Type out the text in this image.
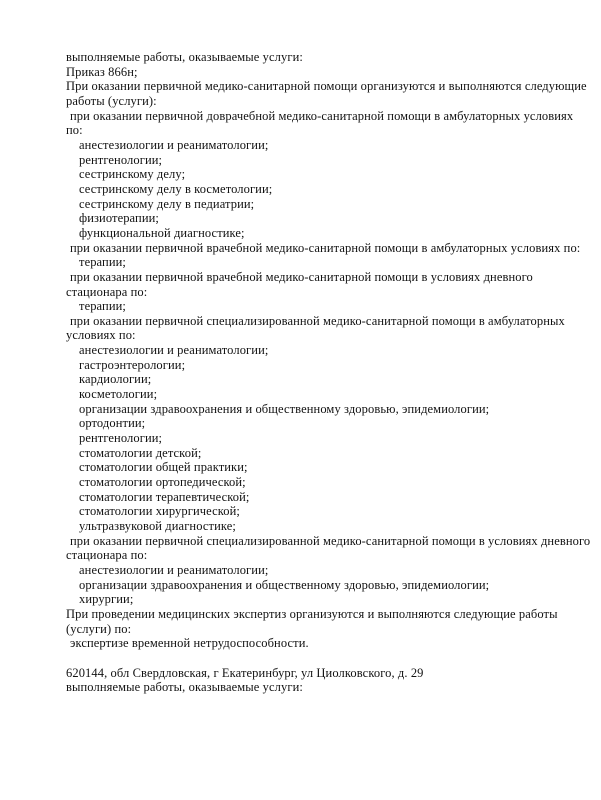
выполняемые работы, оказываемые услуги:
Приказ 866н;
При оказании первичной медико-санитарной помощи организуются и выполняются следующие
работы (услуги):
при оказании первичной доврачебной медико-санитарной помощи в амбулаторных условиях
по:
анестезиологии и реаниматологии;
рентгенологии;
сестринскому делу;
сестринскому делу в косметологии;
сестринскому делу в педиатрии;
физиотерапии;
функциональной диагностике;
при оказании первичной врачебной медико-санитарной помощи в амбулаторных условиях по:
терапии;
при оказании первичной врачебной медико-санитарной помощи в условиях дневного
стационара по:
терапии;
при оказании первичной специализированной медико-санитарной помощи в амбулаторных
условиях по:
анестезиологии и реаниматологии;
гастроэнтерологии;
кардиологии;
косметологии;
организации здравоохранения и общественному здоровью, эпидемиологии;
ортодонтии;
рентгенологии;
стоматологии детской;
стоматологии общей практики;
стоматологии ортопедической;
стоматологии терапевтической;
стоматологии хирургической;
ультразвуковой диагностике;
при оказании первичной специализированной медико-санитарной помощи в условиях дневного
стационара по:
анестезиологии и реаниматологии;
организации здравоохранения и общественному здоровью, эпидемиологии;
хирургии;
При проведении медицинских экспертиз организуются и выполняются следующие работы
(услуги) по:
экспертизе временной нетрудоспособности.
620144, обл Свердловская, г Екатеринбург, ул Циолковского, д. 29
выполняемые работы, оказываемые услуги:
